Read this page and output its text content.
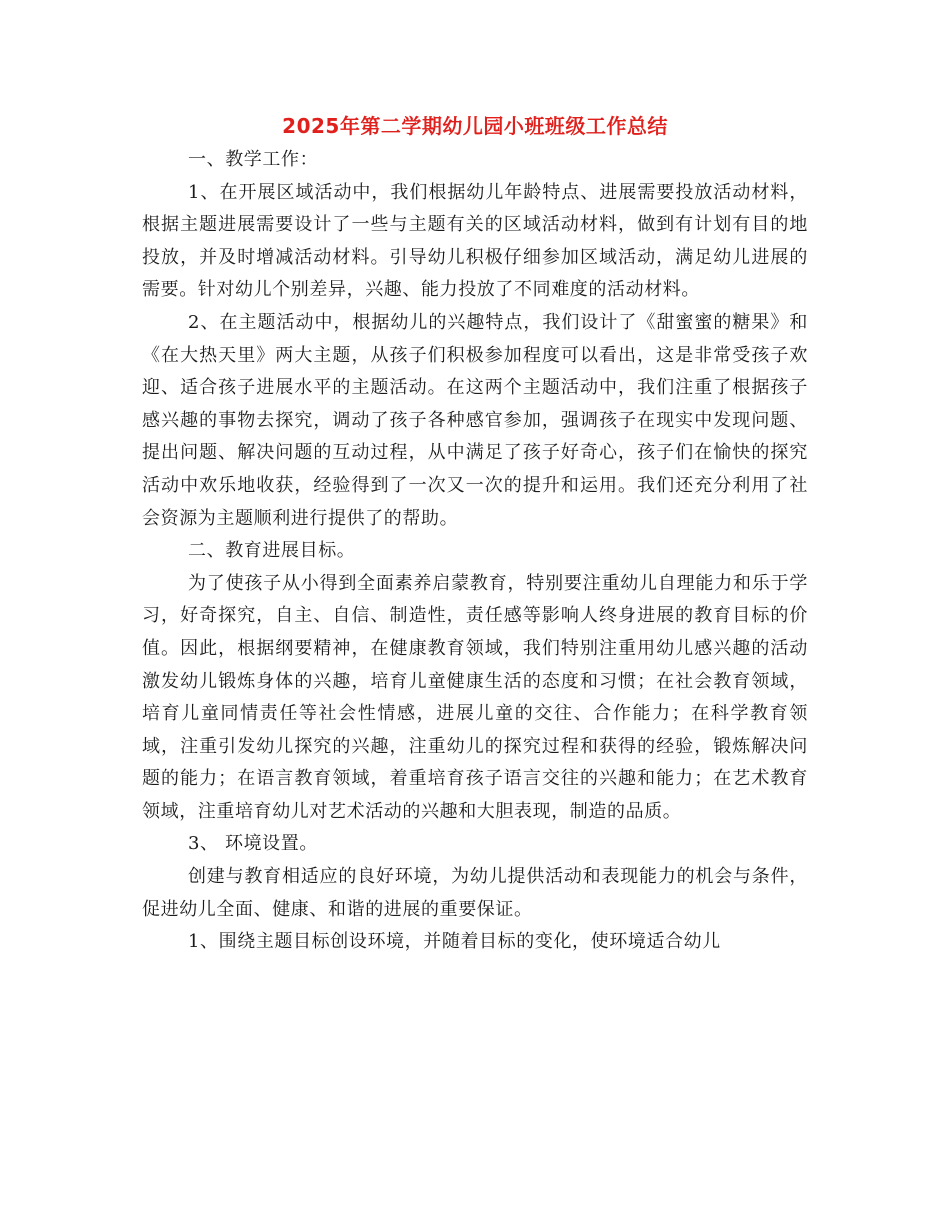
2025年第二学期幼儿园小班班级工作总结

一、教学工作：

1、在开展区域活动中，我们根据幼儿年龄特点、进展需要投放活动材料，根据主题进展需要设计了一些与主题有关的区域活动材料，做到有计划有目的地投放，并及时增减活动材料。引导幼儿积极仔细参加区域活动，满足幼儿进展的需要。针对幼儿个别差异，兴趣、能力投放了不同难度的活动材料。

2、在主题活动中，根据幼儿的兴趣特点，我们设计了《甜蜜蜜的糖果》和《在大热天里》两大主题，从孩子们积极参加程度可以看出，这是非常受孩子欢迎、适合孩子进展水平的主题活动。在这两个主题活动中，我们注重了根据孩子感兴趣的事物去探究，调动了孩子各种感官参加，强调孩子在现实中发现问题、提出问题、解决问题的互动过程，从中满足了孩子好奇心，孩子们在愉快的探究活动中欢乐地收获，经验得到了一次又一次的提升和运用。我们还充分利用了社会资源为主题顺利进行提供了的帮助。

二、教育进展目标。

为了使孩子从小得到全面素养启蒙教育，特别要注重幼儿自理能力和乐于学习，好奇探究，自主、自信、制造性，责任感等影响人终身进展的教育目标的价值。因此，根据纲要精神，在健康教育领域，我们特别注重用幼儿感兴趣的活动激发幼儿锻炼身体的兴趣，培育儿童健康生活的态度和习惯；在社会教育领域，培育儿童同情责任等社会性情感，进展儿童的交往、合作能力；在科学教育领域，注重引发幼儿探究的兴趣，注重幼儿的探究过程和获得的经验，锻炼解决问题的能力；在语言教育领域，着重培育孩子语言交往的兴趣和能力；在艺术教育领域，注重培育幼儿对艺术活动的兴趣和大胆表现，制造的品质。

3、 环境设置。

创建与教育相适应的良好环境，为幼儿提供活动和表现能力的机会与条件，促进幼儿全面、健康、和谐的进展的重要保证。

1、围绕主题目标创设环境，并随着目标的变化，使环境适合幼儿
